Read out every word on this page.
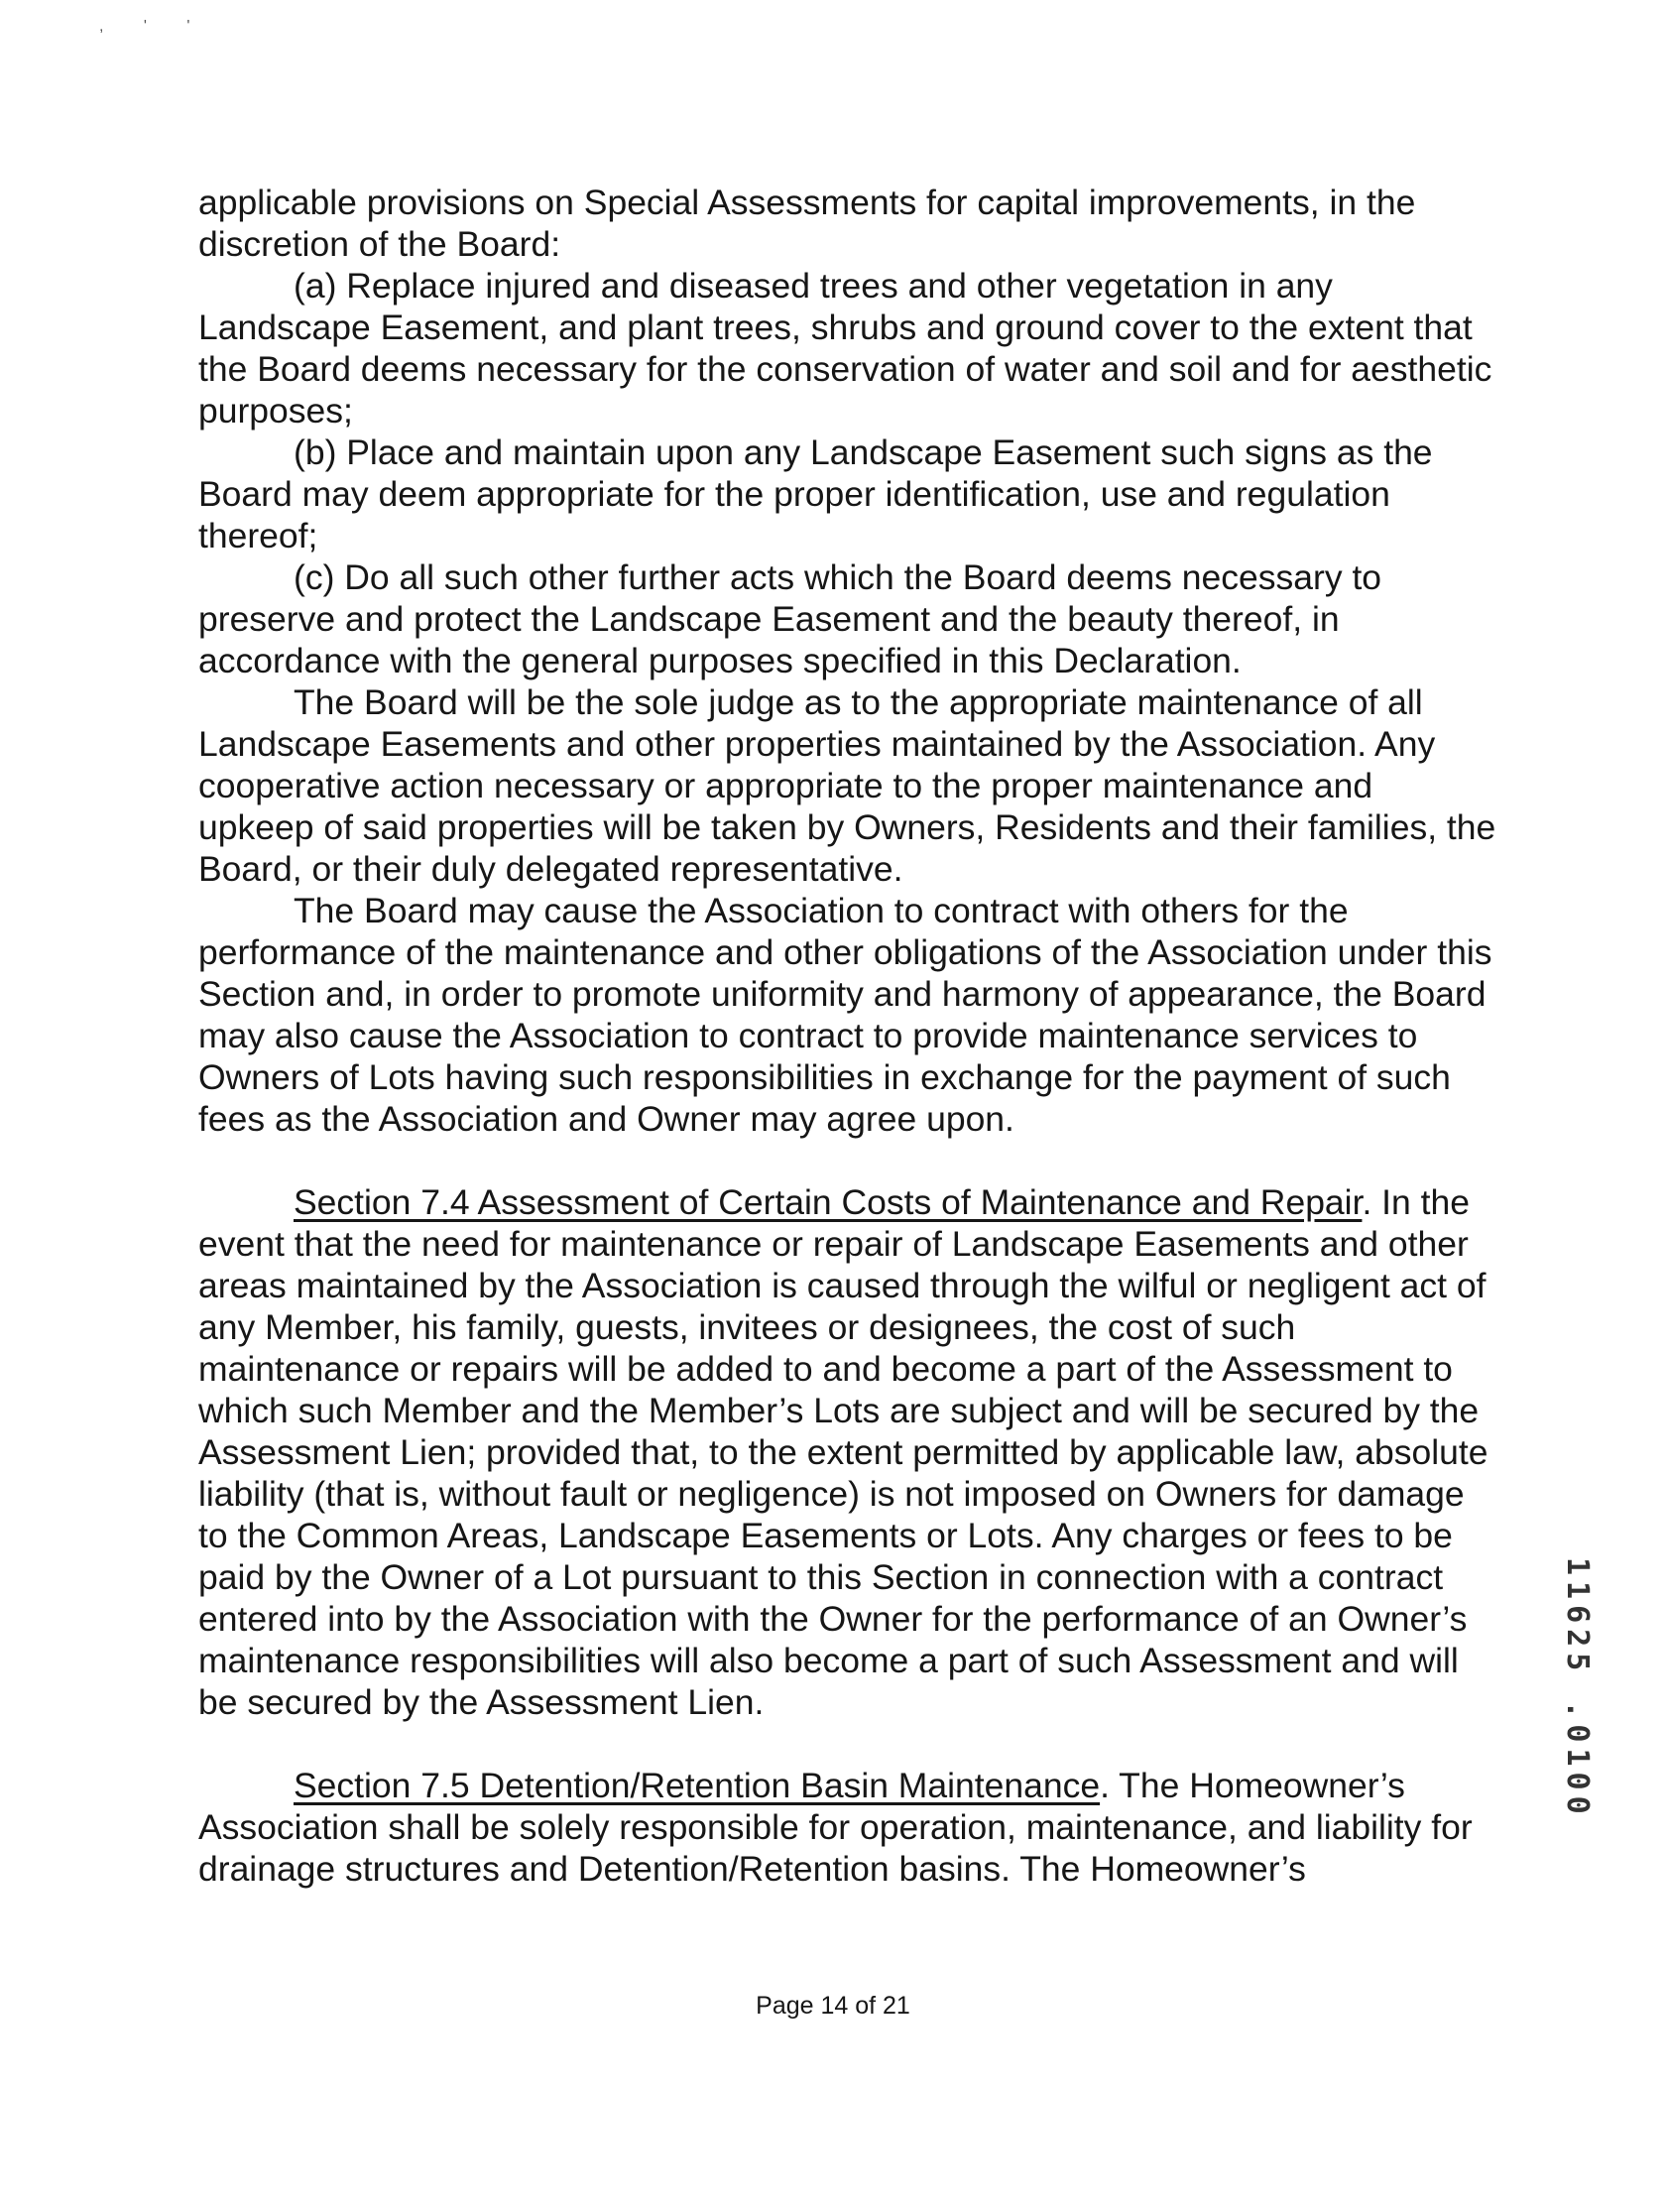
, ' '

applicable provisions on Special Assessments for capital improvements, in the discretion of the Board:

(a) Replace injured and diseased trees and other vegetation in any Landscape Easement, and plant trees, shrubs and ground cover to the extent that the Board deems necessary for the conservation of water and soil and for aesthetic purposes;

(b) Place and maintain upon any Landscape Easement such signs as the Board may deem appropriate for the proper identification, use and regulation thereof;

(c) Do all such other further acts which the Board deems necessary to preserve and protect the Landscape Easement and the beauty thereof, in accordance with the general purposes specified in this Declaration.

The Board will be the sole judge as to the appropriate maintenance of all Landscape Easements and other properties maintained by the Association. Any cooperative action necessary or appropriate to the proper maintenance and upkeep of said properties will be taken by Owners, Residents and their families, the Board, or their duly delegated representative.

The Board may cause the Association to contract with others for the performance of the maintenance and other obligations of the Association under this Section and, in order to promote uniformity and harmony of appearance, the Board may also cause the Association to contract to provide maintenance services to Owners of Lots having such responsibilities in exchange for the payment of such fees as the Association and Owner may agree upon.

Section 7.4 Assessment of Certain Costs of Maintenance and Repair. In the event that the need for maintenance or repair of Landscape Easements and other areas maintained by the Association is caused through the wilful or negligent act of any Member, his family, guests, invitees or designees, the cost of such maintenance or repairs will be added to and become a part of the Assessment to which such Member and the Member’s Lots are subject and will be secured by the Assessment Lien; provided that, to the extent permitted by applicable law, absolute liability (that is, without fault or negligence) is not imposed on Owners for damage to the Common Areas, Landscape Easements or Lots. Any charges or fees to be paid by the Owner of a Lot pursuant to this Section in connection with a contract entered into by the Association with the Owner for the performance of an Owner’s maintenance responsibilities will also become a part of such Assessment and will be secured by the Assessment Lien.

Section 7.5 Detention/Retention Basin Maintenance. The Homeowner’s Association shall be solely responsible for operation, maintenance, and liability for drainage structures and Detention/Retention basins. The Homeowner’s

Page 14 of 21
11625 .0100
